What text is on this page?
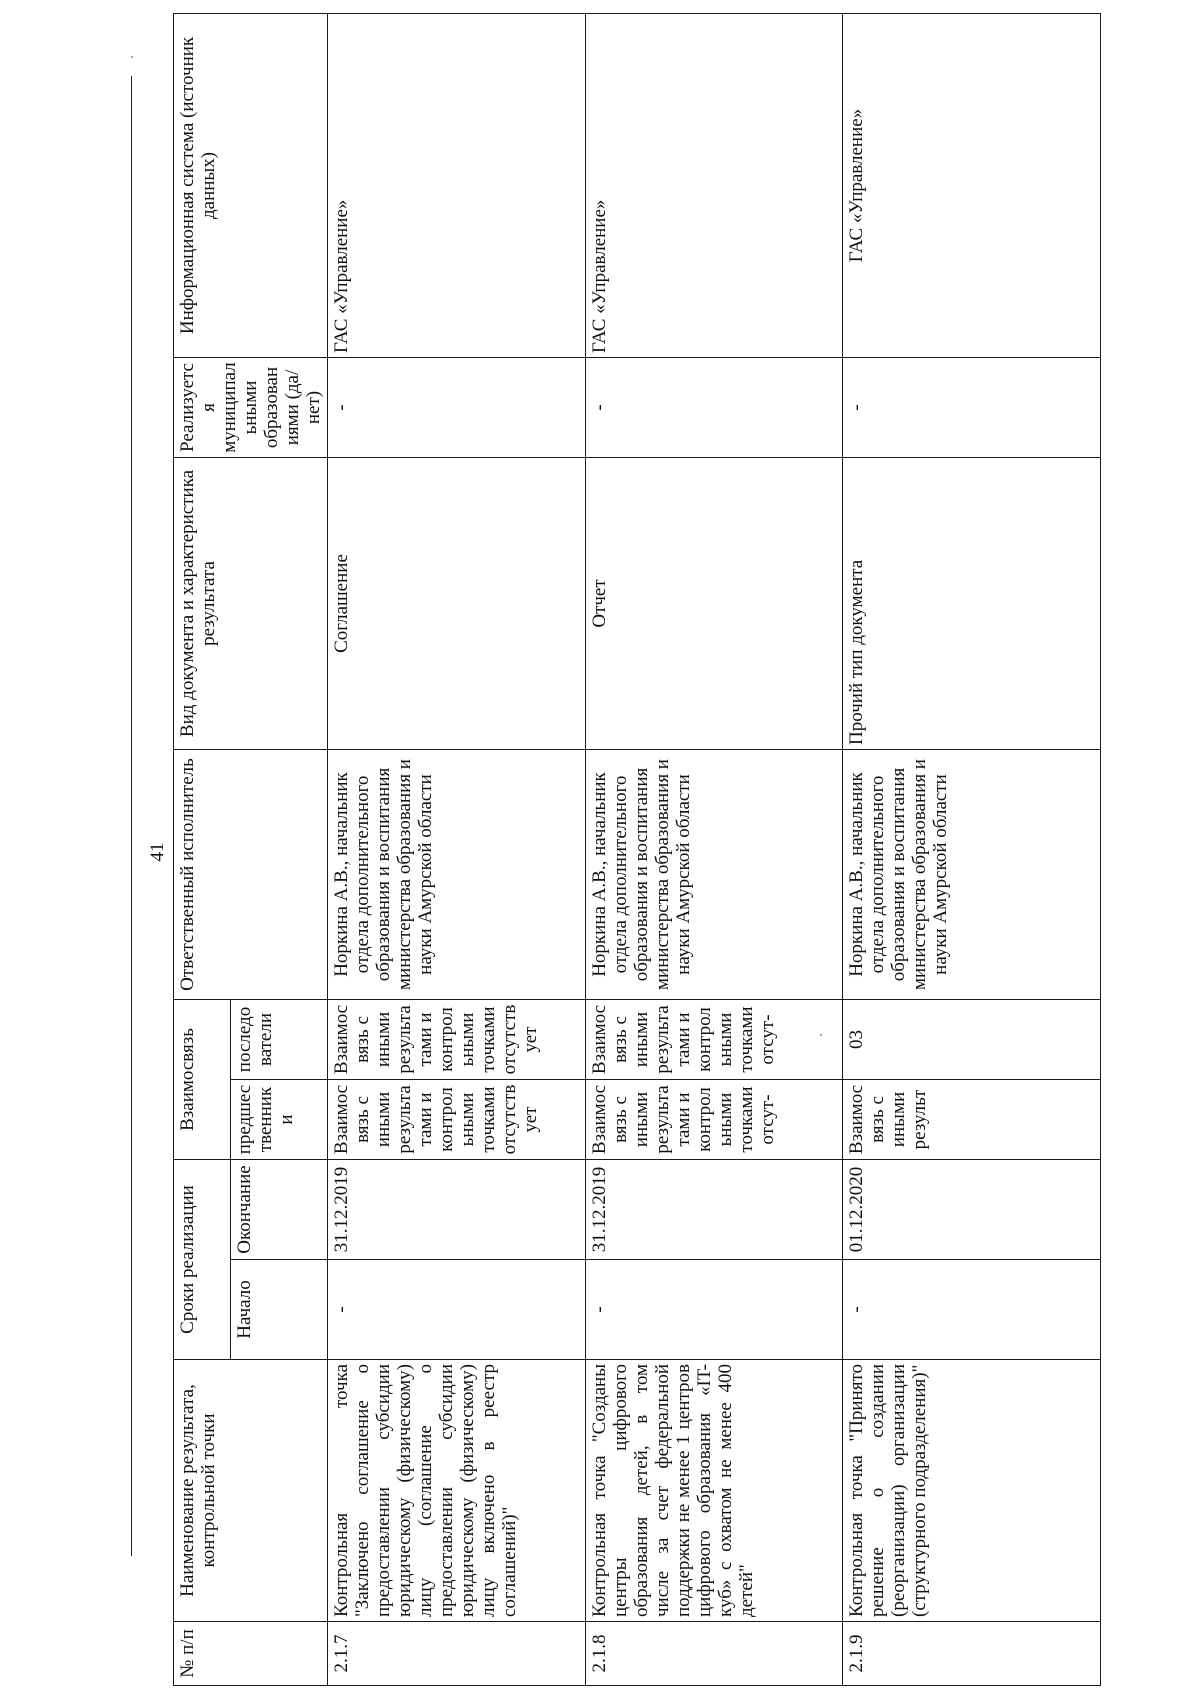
41
№ п/п	Наименование результата, контрольной точки	Сроки реализации		Взаимосвязь		Ответственный исполнитель	Вид документа и характеристика результата	Реализуется муниципальными образованиями (да/нет)	Информационная система (источник данных)
		Начало	Окончание	предшественники	последователи				
2.1.7	Контрольная точка "Заключено соглашение о предоставлении субсидии юридическому (физическому) лицу (соглашение о предоставлении субсидии юридическому (физическому) лицу включено в реестр соглашений)"	-	31.12.2019	Взаимосвязь с иными результатами и контрольными точками отсутствует	Взаимосвязь с иными результатами и контрольными точками отсутствует	Норкина А.В., начальник отдела дополнительного образования и воспитания министерства образования и науки Амурской области	Соглашение	-	ГАС «Управление»
2.1.8	Контрольная точка "Созданы центры цифрового образования детей, в том числе за счет федеральной поддержки не менее 1 центров цифрового образования «IT-куб» с охватом не менее 400 детей"	-	31.12.2019	Взаимосвязь с иными результатами и контрольными точками отсут-	Взаимосвязь с иными результатами и контрольными точками отсут-	Норкина А.В., начальник отдела дополнительного образования и воспитания министерства образования и науки Амурской области	Отчет	-	ГАС «Управление»
2.1.9	Контрольная точка "Принято решение о создании (реорганизации) организации (структурного подразделения)"	-	01.12.2020	Взаимосвязь с иными результ	03	Норкина А.В., начальник отдела дополнительного образования и воспитания министерства образования и науки Амурской области	Прочий тип документа	-	ГАС «Управление»
